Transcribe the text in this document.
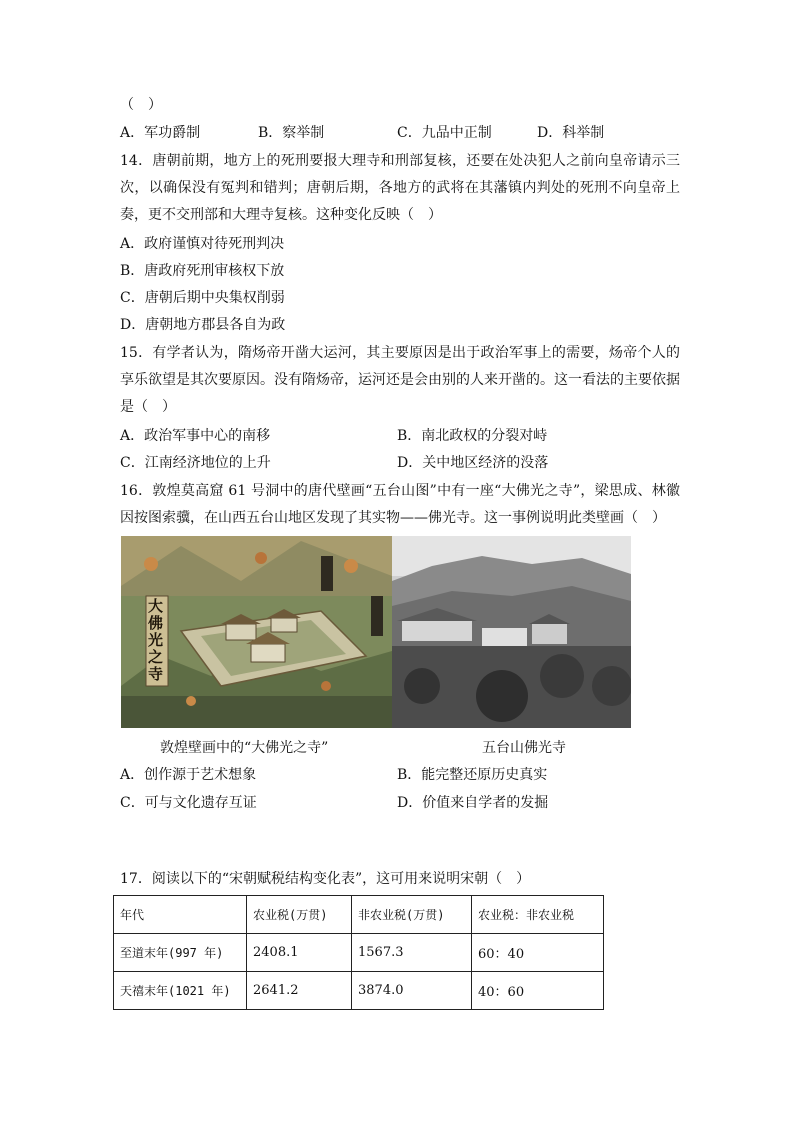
（　）
A．军功爵制	B．察举制	C．九品中正制	D．科举制
14．唐朝前期，地方上的死刑要报大理寺和刑部复核，还要在处决犯人之前向皇帝请示三次，以确保没有冤判和错判；唐朝后期，各地方的武将在其藩镇内判处的死刑不向皇帝上奏，更不交刑部和大理寺复核。这种变化反映（　）
A．政府谨慎对待死刑判决
B．唐政府死刑审核权下放
C．唐朝后期中央集权削弱
D．唐朝地方郡县各自为政
15．有学者认为，隋炀帝开凿大运河，其主要原因是出于政治军事上的需要，炀帝个人的享乐欲望是其次要原因。没有隋炀帝，运河还是会由别的人来开凿的。这一看法的主要依据是（　）
A．政治军事中心的南移	B．南北政权的分裂对峙
C．江南经济地位的上升	D．关中地区经济的没落
16．敦煌莫高窟 61 号洞中的唐代壁画“五台山图”中有一座“大佛光之寺”，梁思成、林徽因按图索骥，在山西五台山地区发现了其实物——佛光寺。这一事例说明此类壁画（　）
大佛光之寺
敦煌壁画中的“大佛光之寺”	五台山佛光寺
A．创作源于艺术想象	B．能完整还原历史真实
C．可与文化遗存互证	D．价值来自学者的发掘
17．阅读以下的“宋朝赋税结构变化表”，这可用来说明宋朝（　）
年代	农业税(万贯)	非农业税(万贯)	农业税：非农业税
至道末年(997 年)	2408.1	1567.3	60：40
天禧末年(1021 年)	2641.2	3874.0	40：60
